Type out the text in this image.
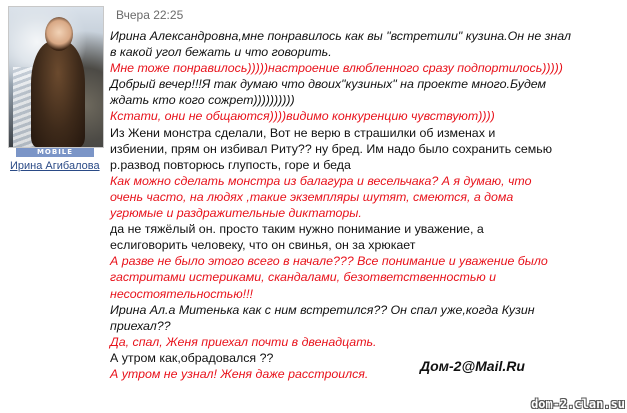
MOBILE
Ирина Агибалова
Вчера 22:25
Ирина Александровна,мне понравилось как вы "встретили" кузина.Он не знал
в какой угол бежать и что говорить.
Мне тоже понравилось)))))настроение влюбленного сразу подпортилось)))))
Добрый вечер!!!Я так думаю что двоих"кузиных" на проекте много.Будем
ждать кто кого сожрет))))))))))
Кстати, они не общаются))))видимо конкуренцию чувствуют))))
Из Жени монстра сделали, Вот не верю в страшилки об изменах и
избиении, прям он избивал Риту?? ну бред. Им надо было сохранить семью
р.развод повторюсь глупость, горе и беда
Как можно сделать монстра из балагура и весельчака? А я думаю, что
очень часто, на людях ,такие экземпляры шутят, смеются, а дома
угрюмые и раздражительные диктаторы.
да не тяжёлый он. просто таким нужно понимание и уважение, а
еслиговорить человеку, что он свинья, он за хрюкает
А разве не было этого всего в начале??? Все понимание и уважение было
гастритами истериками, скандалами, безответственностью и
несостоятельностью!!!
Ирина Ал.а Митенька как с ним встретился?? Он спал уже,когда Кузин
приехал??
Да, спал, Женя приехал почти в двенадцать.
А утром как,обрадовался ??
А утром не узнал! Женя даже расстроился.	Дом-2@Mail.Ru
dom-2.clan.su
